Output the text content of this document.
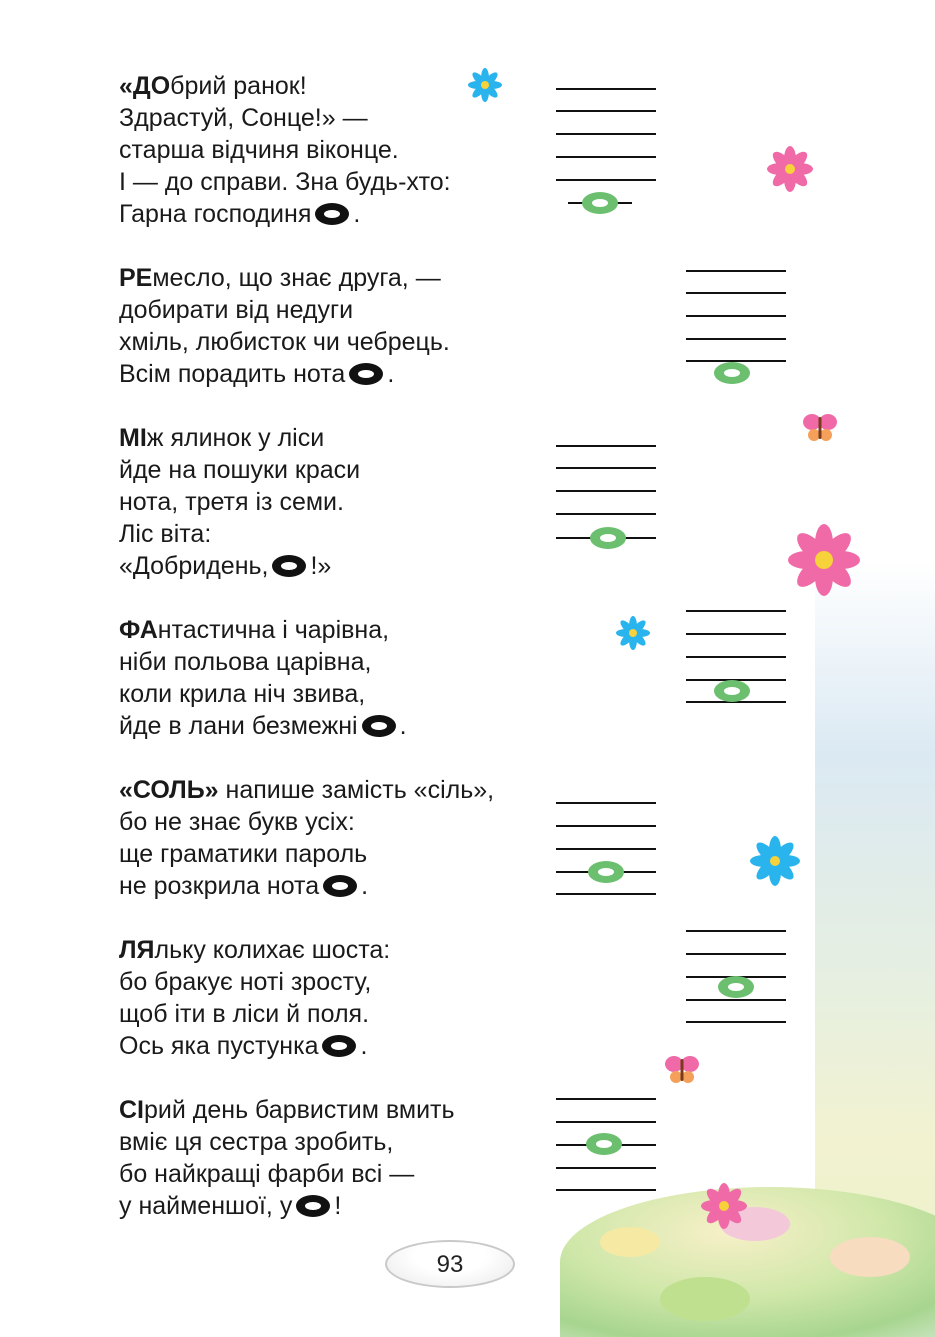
«ДОбрий ранок!
Здрастуй, Сонце!» —
старша відчиня віконце.
І — до справи. Зна будь-хто:
Гарна господиня .
РЕмесло, що знає друга, —
добирати від недуги
хміль, любисток чи чебрець.
Всім порадить нота .
МІж ялинок у ліси
йде на пошуки краси
нота, третя із семи.
Ліс віта:
«Добридень, !»
ФАнтастична і чарівна,
ніби польова царівна,
коли крила ніч звива,
йде в лани безмежні .
«СОЛЬ» напише замість «сіль»,
бо не знає букв усіх:
ще граматики пароль
не розкрила нота .
ЛЯльку колихає шоста:
бо бракує ноті зросту,
щоб іти в ліси й поля.
Ось яка пустунка .
СІрий день барвистим вмить
вміє ця сестра зробить,
бо найкращі фарби всі —
у найменшої, у !
93
